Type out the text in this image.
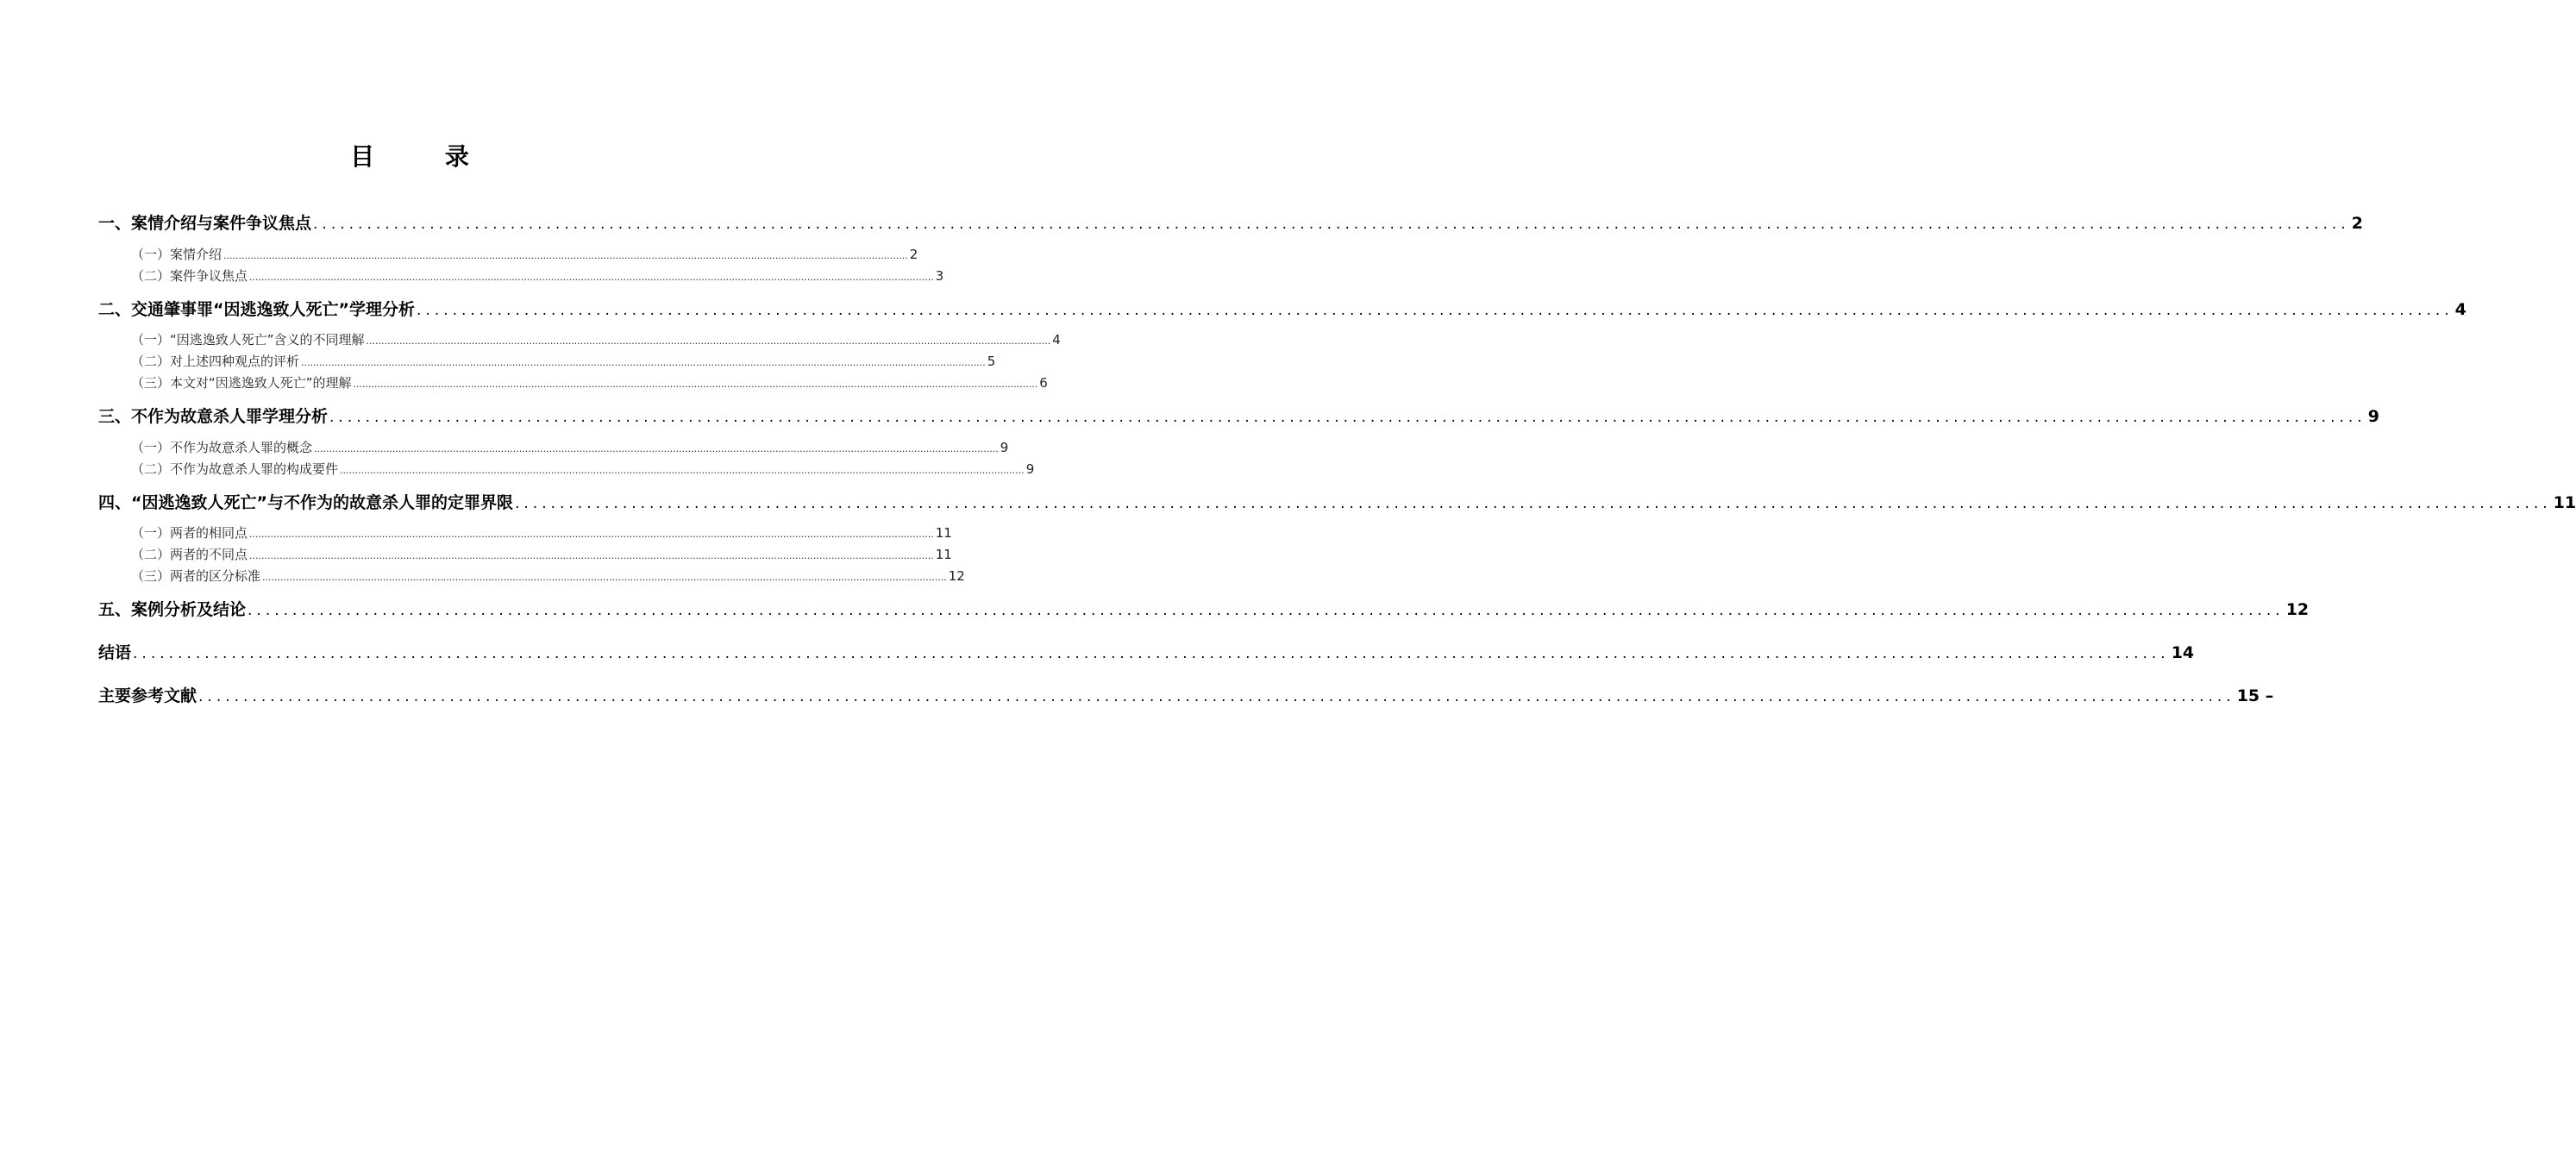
目 录
一、案情介绍与案件争议焦点 ................................................................................................................................................................................................................................... 2
（一）案情介绍 ................................................................................................................................................................................................................................... 2
（二）案件争议焦点 ................................................................................................................................................................................................................................... 3
二、交通肇事罪“因逃逸致人死亡”学理分析 ................................................................................................................................................................................................................................... 4
（一）“因逃逸致人死亡”含义的不同理解 ................................................................................................................................................................................................................................... 4
（二）对上述四种观点的评析 ................................................................................................................................................................................................................................... 5
（三）本文对“因逃逸致人死亡”的理解 ................................................................................................................................................................................................................................... 6
三、不作为故意杀人罪学理分析 ................................................................................................................................................................................................................................... 9
（一）不作为故意杀人罪的概念 ................................................................................................................................................................................................................................... 9
（二）不作为故意杀人罪的构成要件 ................................................................................................................................................................................................................................... 9
四、“因逃逸致人死亡”与不作为的故意杀人罪的定罪界限 ................................................................................................................................................................................................................................... 11
（一）两者的相同点 ................................................................................................................................................................................................................................... 11
（二）两者的不同点 ................................................................................................................................................................................................................................... 11
（三）两者的区分标准 ................................................................................................................................................................................................................................... 12
五、案例分析及结论 ................................................................................................................................................................................................................................... 12
结语 ................................................................................................................................................................................................................................... 14
主要参考文献 ................................................................................................................................................................................................................................... 15 –
